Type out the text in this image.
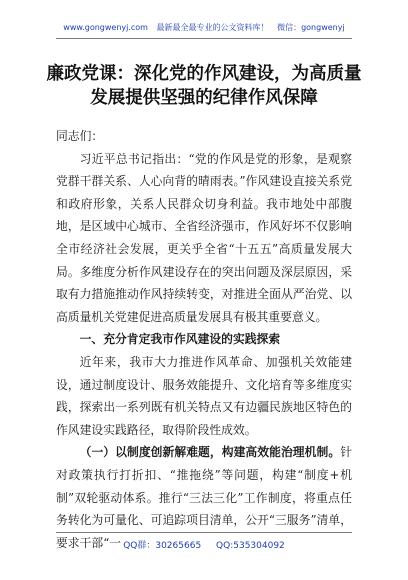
www.gongwenyj.com 最新最全最专业的公文资料库！ 微信：gongwenyj
廉政党课：深化党的作风建设，为高质量
发展提供坚强的纪律作风保障

同志们：

习近平总书记指出：“党的作风是党的形象，是观察党群干群关系、人心向背的晴雨表。”作风建设直接关系党和政府形象，关系人民群众切身利益。我市地处中部腹地，是区域中心城市、全省经济强市，作风好坏不仅影响全市经济社会发展，更关乎全省“十五五”高质量发展大局。多维度分析作风建设存在的突出问题及深层原因，采取有力措施推动作风持续转变，对推进全面从严治党、以高质量机关党建促进高质量发展具有极其重要意义。

一、充分肯定我市作风建设的实践探索

近年来，我市大力推进作风革命、加强机关效能建设，通过制度设计、服务效能提升、文化培育等多维度实践，探索出一系列既有机关特点又有边疆民族地区特色的作风建设实践路径，取得阶段性成效。

（一）以制度创新解难题，构建高效能治理机制。针对政策执行打折扣、“推拖绕”等问题，构建“制度+机制”双轮驱动体系。推行“三法三化”工作制度，将重点任务转化为可量化、可追踪项目清单，公开“三服务”清单，要求干部“一 QQ群：30265665 QQ:535304092
